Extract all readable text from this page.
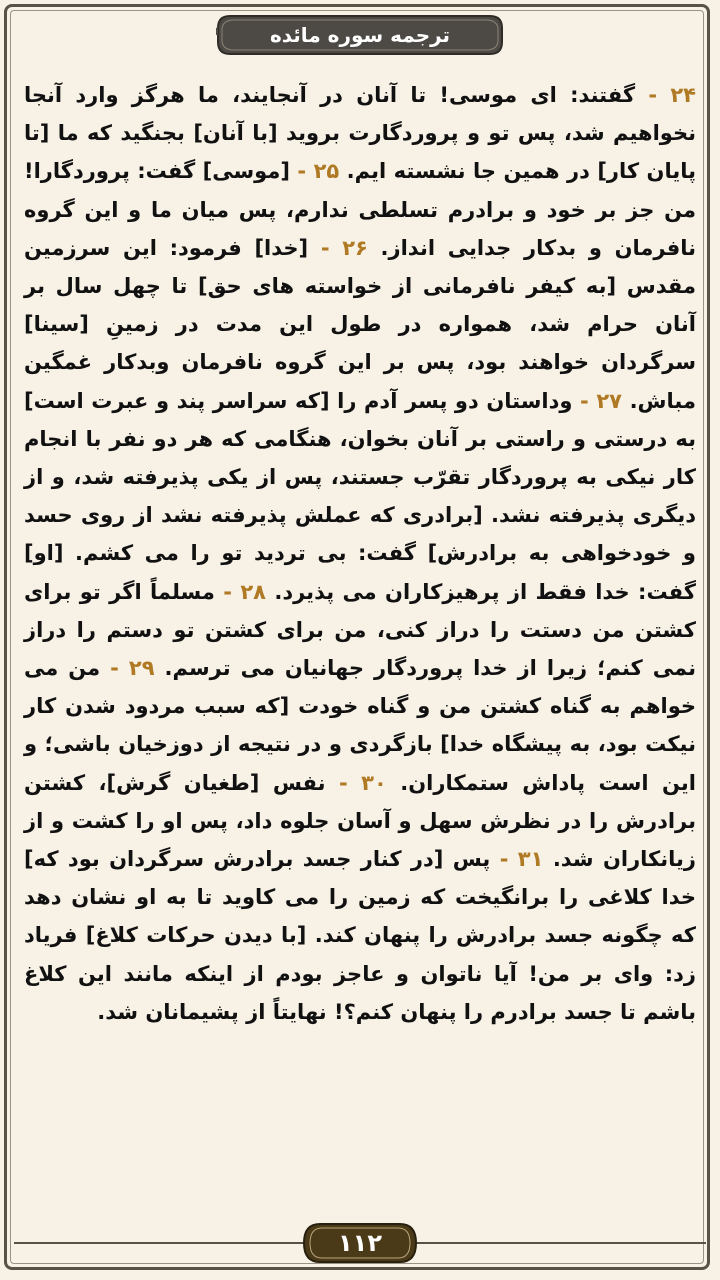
ترجمه سوره مائده
۲۴ - گفتند: ای موسی! تا آنان در آنجایند، ما هرگز وارد آنجا نخواهیم شد، پس تو و پروردگارت بروید [با آنان] بجنگید که ما [تا پایان کار] در همین جا نشسته ایم. ۲۵ - [موسی] گفت: پروردگارا! من جز بر خود و برادرم تسلطی ندارم، پس میان ما و این گروه نافرمان و بدکار جدایی انداز. ۲۶ - [خدا] فرمود: این سرزمین مقدس [به کیفر نافرمانی از خواسته های حق] تا چهل سال بر آنان حرام شد، همواره در طول این مدت در زمینِ [سینا] سرگردان خواهند بود، پس بر این گروه نافرمان وبدکار غمگین مباش. ۲۷ - وداستان دو پسر آدم را [که سراسر پند و عبرت است] به درستی و راستی بر آنان بخوان، هنگامی که هر دو نفر با انجام کار نیکی به پروردگار تقرّب جستند، پس از یکی پذیرفته شد، و از دیگری پذیرفته نشد. [برادری که عملش پذیرفته نشد از روی حسد و خودخواهی به برادرش] گفت: بی تردید تو را می کشم. [او] گفت: خدا فقط از پرهیزکاران می پذیرد. ۲۸ - مسلماً اگر تو برای کشتن من دستت را دراز کنی، من برای کشتن تو دستم را دراز نمی کنم؛ زیرا از خدا پروردگار جهانیان می ترسم. ۲۹ - من می خواهم به گناه کشتن من و گناه خودت [که سبب مردود شدن کار نیکت بود، به پیشگاه خدا] بازگردی و در نتیجه از دوزخیان باشی؛ و این است پاداش ستمکاران. ۳۰ - نفس [طغیان گرش]، کشتن برادرش را در نظرش سهل و آسان جلوه داد، پس او را کشت و از زیانکاران شد. ۳۱ - پس [در کنار جسد برادرش سرگردان بود که] خدا کلاغی را برانگیخت که زمین را می کاوید تا به او نشان دهد که چگونه جسد برادرش را پنهان کند. [با دیدن حرکات کلاغ] فریاد زد: وای بر من! آیا ناتوان و عاجز بودم از اینکه مانند این کلاغ باشم تا جسد برادرم را پنهان کنم؟! نهایتاً از پشیمانان شد.
۱۱۲
